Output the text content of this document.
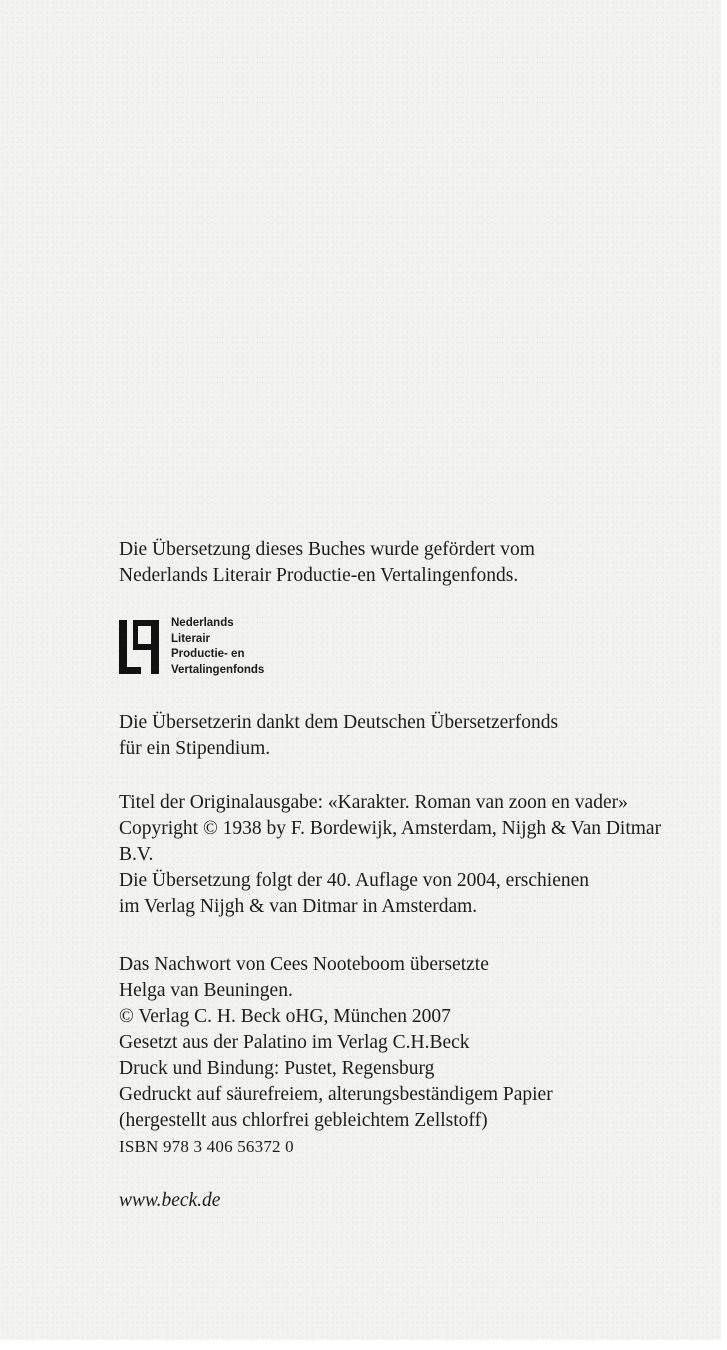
Die Übersetzung dieses Buches wurde gefördert vom
Nederlands Literair Productie-en Vertalingenfonds.
Nederlands
Literair
Productie- en
Vertalingenfonds
Die Übersetzerin dankt dem Deutschen Übersetzerfonds
für ein Stipendium.
Titel der Originalausgabe: «Karakter. Roman van zoon en vader»
Copyright © 1938 by F. Bordewijk, Amsterdam, Nijgh & Van Ditmar
B.V.
Die Übersetzung folgt der 40. Auflage von 2004, erschienen
im Verlag Nijgh & van Ditmar in Amsterdam.
Das Nachwort von Cees Nooteboom übersetzte
Helga van Beuningen.
© Verlag C. H. Beck oHG, München 2007
Gesetzt aus der Palatino im Verlag C.H.Beck
Druck und Bindung: Pustet, Regensburg
Gedruckt auf säurefreiem, alterungsbeständigem Papier
(hergestellt aus chlorfrei gebleichtem Zellstoff)
ISBN 978 3 406 56372 0
www.beck.de
